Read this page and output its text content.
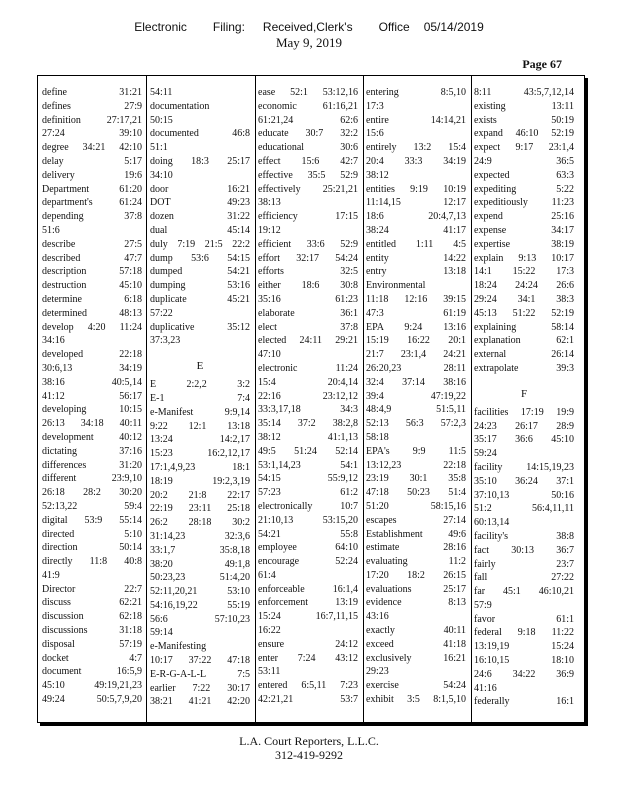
Electronic Filing: Received,Clerk's Office 05/14/2019
May 9, 2019
Page 67
define 31:21
defines 27:9
definition 27:17,21
27:24 39:10
degree 34:21 42:10
delay 5:17
delivery 19:6
Department 61:20
department's 61:24
depending 37:8
51:6
describe 27:5
described 47:7
description 57:18
destruction 45:10
determine 6:18
determined 48:13
develop 4:20 11:24
34:16
developed 22:18
30:6,13 34:19
38:16 40:5,14
41:12 56:17
developing 10:15
26:13 34:18 40:11
development 40:12
dictating 37:16
differences 31:20
different 23:9,10
26:18 28:2 30:20
52:13,22 59:4
digital 53:9 55:14
directed 5:10
direction 50:14
directly 11:8 40:8
41:9
Director 22:7
discuss 62:21
discussion 62:18
discussions 31:18
disposal 57:19
docket 4:7
document 16:5,9
45:10 49:19,21,23
49:24 50:5,7,9,20
54:11
documentation
50:15
documented 46:8
51:1
doing 18:3 25:17
34:10
door 16:21
DOT 49:23
dozen 31:22
dual 45:14
duly 7:19 21:5 22:2
dump 53:6 54:15
dumped 54:21
dumping 53:16
duplicate 45:21
57:22
duplicative 35:12
37:3,23
E
E 2:2,2 3:2
E-1 7:4
e-Manifest 9:9,14
9:22 12:1 13:18
13:24 14:2,17
15:23 16:2,12,17
17:1,4,9,23 18:1
18:19 19:2,3,19
20:2 21:8 22:17
22:19 23:11 25:18
26:2 28:18 30:2
31:14,23 32:3,6
33:1,7 35:8,18
38:20 49:1,8
50:23,23 51:4,20
52:11,20,21 53:10
54:16,19,22 55:19
56:6 57:10,23
59:14
e-Manifesting
10:17 37:22 47:18
E-R-G-A-L-L 7:5
earlier 7:22 30:17
38:21 41:21 42:20
ease 52:1 53:12,16
economic 61:16,21
61:21,24 62:6
educate 30:7 32:2
educational 30:6
effect 15:6 42:7
effective 35:5 52:9
effectively 25:21,21
38:13
efficiency 17:15
19:12
efficient 33:6 52:9
effort 32:17 54:24
efforts 32:5
either 18:6 30:8
35:16 61:23
elaborate 36:1
elect 37:8
elected 24:11 29:21
47:10
electronic 11:24
15:4 20:4,14
22:16 23:12,12
33:3,17,18 34:3
35:14 37:2 38:2,8
38:12 41:1,13
49:5 51:24 52:14
53:1,14,23 54:1
54:15 55:9,12
57:23 61:2
electronically 10:7
21:10,13 53:15,20
54:21 55:8
employee 64:10
encourage 52:24
61:4
enforceable 16:1,4
enforcement 13:19
15:24 16:7,11,15
16:22
ensure 24:12
enter 7:24 43:12
53:11
entered 6:5,11 7:23
42:21,21 53:7
entering 8:5,10
17:3
entire 14:14,21
15:6
entirely 13:2 15:4
20:4 33:3 34:19
38:12
entities 9:19 10:19
11:14,15 12:17
18:6 20:4,7,13
38:24 41:17
entitled 1:11 4:5
entity 14:22
entry 13:18
Environmental
11:18 12:16 39:15
47:3 61:19
EPA 9:24 13:16
15:19 16:22 20:1
21:7 23:1,4 24:21
26:20,23 28:11
32:4 37:14 38:16
39:4 47:19,22
48:4,9 51:5,11
52:13 56:3 57:2,3
58:18
EPA's 9:9 11:5
13:12,23 22:18
23:19 30:1 35:8
47:18 50:23 51:4
51:20 58:15,16
escapes 27:14
Establishment 49:6
estimate 28:16
evaluating 11:2
17:20 18:2 26:15
evaluations 25:17
evidence 8:13
43:16
exactly 40:11
exceed 41:18
exclusively 16:21
29:23
exercise 54:24
exhibit 3:5 8:1,5,10
8:11 43:5,7,12,14
existing 13:11
exists 50:19
expand 46:10 52:19
expect 9:17 23:1,4
24:9 36:5
expected 63:3
expediting 5:22
expeditiously 11:23
expend 25:16
expense 34:17
expertise 38:19
explain 9:13 10:17
14:1 15:22 17:3
18:24 24:24 26:6
29:24 34:1 38:3
45:13 51:22 52:19
explaining 58:14
explanation 62:1
external 26:14
extrapolate 39:3
F
facilities 17:19 19:9
24:23 26:17 28:9
35:17 36:6 45:10
59:24
facility 14:15,19,23
35:10 36:24 37:1
37:10,13 50:16
51:2 56:4,11,11
60:13,14
facility's 38:8
fact 30:13 36:7
fairly 23:7
fall 27:22
far 45:1 46:10,21
57:9
favor 61:1
federal 9:18 11:22
13:19,19 15:24
16:10,15 18:10
24:6 34:22 36:9
41:16
federally 16:1
L.A. Court Reporters, L.L.C.
312-419-9292
